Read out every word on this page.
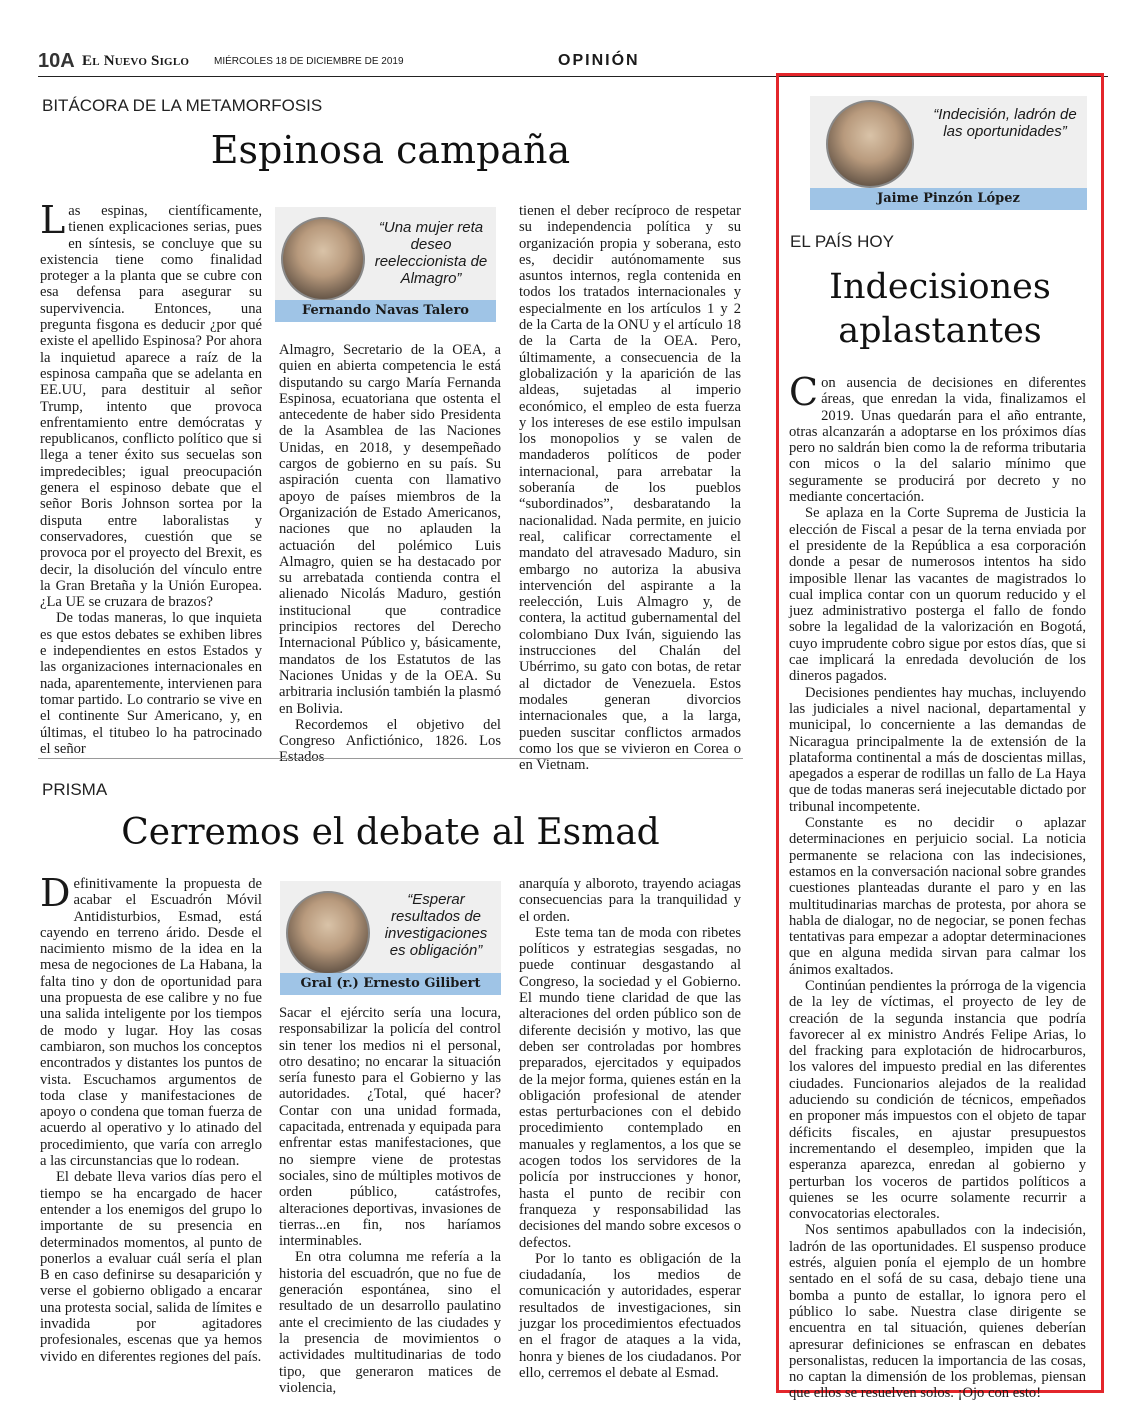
10A El Nuevo Siglo MIÉRCOLES 18 DE DICIEMBRE DE 2019	OPINIÓN
BITÁCORA DE LA METAMORFOSIS
Espinosa campaña

Las espinas, científicamente, tienen explicaciones serias, pues en síntesis, se concluye que su existencia tiene como finalidad proteger a la planta que se cubre con esa defensa para asegurar su supervivencia. Entonces, una pregunta fisgona es deducir ¿por qué existe el apellido Espinosa? Por ahora la inquietud aparece a raíz de la espinosa campaña que se adelanta en EE.UU, para destituir al señor Trump, intento que provoca enfrentamiento entre demócratas y republicanos, conflicto político que si llega a tener éxito sus secuelas son impredecibles; igual preocupación genera el espinoso debate que el señor Boris Johnson sortea por la disputa entre laboralistas y conservadores, cuestión que se provoca por el proyecto del Brexit, es decir, la disolución del vínculo entre la Gran Bretaña y la Unión Europea. ¿La UE se cruzara de brazos?

De todas maneras, lo que inquieta es que estos debates se exhiben libres e independientes en estos Estados y las organizaciones internacionales en nada, aparentemente, intervienen para tomar partido. Lo contrario se vive en el continente Sur Americano, y, en últimas, el titubeo lo ha patrocinado el señor

“Una mujer reta deseo reeleccionista de Almagro”
Fernando Navas Talero

Almagro, Secretario de la OEA, a quien en abierta competencia le está disputando su cargo María Fernanda Espinosa, ecuatoriana que ostenta el antecedente de haber sido Presidenta de la Asamblea de las Naciones Unidas, en 2018, y desempeñado cargos de gobierno en su país. Su aspiración cuenta con llamativo apoyo de países miembros de la Organización de Estado Americanos, naciones que no aplauden la actuación del polémico Luis Almagro, quien se ha destacado por su arrebatada contienda contra el alienado Nicolás Maduro, gestión institucional que contradice principios rectores del Derecho Internacional Público y, básicamente, mandatos de los Estatutos de las Naciones Unidas y de la OEA. Su arbitraria inclusión también la plasmó en Bolivia.

Recordemos el objetivo del Congreso Anfictiónico, 1826. Los Estados

tienen el deber recíproco de respetar su independencia política y su organización propia y soberana, esto es, decidir autónomamente sus asuntos internos, regla contenida en todos los tratados internacionales y especialmente en los artículos 1 y 2 de la Carta de la ONU y el artículo 18 de la Carta de la OEA. Pero, últimamente, a consecuencia de la globalización y la aparición de las aldeas, sujetadas al imperio económico, el empleo de esta fuerza y los intereses de ese estilo impulsan los monopolios y se valen de mandaderos políticos de poder internacional, para arrebatar la soberanía de los pueblos “subordinados”, desbaratando la nacionalidad. Nada permite, en juicio real, calificar correctamente el mandato del atravesado Maduro, sin embargo no autoriza la abusiva intervención del aspirante a la reelección, Luis Almagro y, de contera, la actitud gubernamental del colombiano Dux Iván, siguiendo las instrucciones del Chalán del Ubérrimo, su gato con botas, de retar al dictador de Venezuela. Estos modales generan divorcios internacionales que, a la larga, pueden suscitar conflictos armados como los que se vivieron en Corea o en Vietnam.

PRISMA
Cerremos el debate al Esmad

Definitivamente la propuesta de acabar el Escuadrón Móvil Antidisturbios, Esmad, está cayendo en terreno árido. Desde el nacimiento mismo de la idea en la mesa de negociones de La Habana, la falta tino y don de oportunidad para una propuesta de ese calibre y no fue una salida inteligente por los tiempos de modo y lugar. Hoy las cosas cambiaron, son muchos los conceptos encontrados y distantes los puntos de vista. Escuchamos argumentos de toda clase y manifestaciones de apoyo o condena que toman fuerza de acuerdo al operativo y lo atinado del procedimiento, que varía con arreglo a las circunstancias que lo rodean.

El debate lleva varios días pero el tiempo se ha encargado de hacer entender a los enemigos del grupo lo importante de su presencia en determinados momentos, al punto de ponerlos a evaluar cuál sería el plan B en caso definirse su desaparición y verse el gobierno obligado a encarar una protesta social, salida de límites e invadida por agitadores profesionales, escenas que ya hemos vivido en diferentes regiones del país.

“Esperar resultados de investigaciones es obligación”
Gral (r.) Ernesto Gilibert

Sacar el ejército sería una locura, responsabilizar la policía del control sin tener los medios ni el personal, otro desatino; no encarar la situación sería funesto para el Gobierno y las autoridades. ¿Total, qué hacer? Contar con una unidad formada, capacitada, entrenada y equipada para enfrentar estas manifestaciones, que no siempre viene de protestas sociales, sino de múltiples motivos de orden público, catástrofes, alteraciones deportivas, invasiones de tierras...en fin, nos haríamos interminables.

En otra columna me refería a la historia del escuadrón, que no fue de generación espontánea, sino el resultado de un desarrollo paulatino ante el crecimiento de las ciudades y la presencia de movimientos o actividades multitudinarias de todo tipo, que generaron matices de violencia,

anarquía y alboroto, trayendo aciagas consecuencias para la tranquilidad y el orden.

Este tema tan de moda con ribetes políticos y estrategias sesgadas, no puede continuar desgastando al Congreso, la sociedad y el Gobierno. El mundo tiene claridad de que las alteraciones del orden público son de diferente decisión y motivo, las que deben ser controladas por hombres preparados, ejercitados y equipados de la mejor forma, quienes están en la obligación profesional de atender estas perturbaciones con el debido procedimiento contemplado en manuales y reglamentos, a los que se acogen todos los servidores de la policía por instrucciones y honor, hasta el punto de recibir con franqueza y responsabilidad las decisiones del mando sobre excesos o defectos.

Por lo tanto es obligación de la ciudadanía, los medios de comunicación y autoridades, esperar resultados de investigaciones, sin juzgar los procedimientos efectuados en el fragor de ataques a la vida, honra y bienes de los ciudadanos. Por ello, cerremos el debate al Esmad.

“Indecisión, ladrón de las oportunidades”
Jaime Pinzón López
EL PAÍS HOY
Indecisiones aplastantes

Con ausencia de decisiones en diferentes áreas, que enredan la vida, finalizamos el 2019. Unas quedarán para el año entrante, otras alcanzarán a adoptarse en los próximos días pero no saldrán bien como la de reforma tributaria con micos o la del salario mínimo que seguramente se producirá por decreto y no mediante concertación.

Se aplaza en la Corte Suprema de Justicia la elección de Fiscal a pesar de la terna enviada por el presidente de la República a esa corporación donde a pesar de numerosos intentos ha sido imposible llenar las vacantes de magistrados lo cual implica contar con un quorum reducido y el juez administrativo posterga el fallo de fondo sobre la legalidad de la valorización en Bogotá, cuyo imprudente cobro sigue por estos días, que si cae implicará la enredada devolución de los dineros pagados.

Decisiones pendientes hay muchas, incluyendo las judiciales a nivel nacional, departamental y municipal, lo concerniente a las demandas de Nicaragua principalmente la de extensión de la plataforma continental a más de doscientas millas, apegados a esperar de rodillas un fallo de La Haya que de todas maneras será inejecutable dictado por tribunal incompetente.

Constante es no decidir o aplazar determinaciones en perjuicio social. La noticia permanente se relaciona con las indecisiones, estamos en la conversación nacional sobre grandes cuestiones planteadas durante el paro y en las multitudinarias marchas de protesta, por ahora se habla de dialogar, no de negociar, se ponen fechas tentativas para empezar a adoptar determinaciones que en alguna medida sirvan para calmar los ánimos exaltados.

Continúan pendientes la prórroga de la vigencia de la ley de víctimas, el proyecto de ley de creación de la segunda instancia que podría favorecer al ex ministro Andrés Felipe Arias, lo del fracking para explotación de hidrocarburos, los valores del impuesto predial en las diferentes ciudades. Funcionarios alejados de la realidad aduciendo su condición de técnicos, empeñados en proponer más impuestos con el objeto de tapar déficits fiscales, en ajustar presupuestos incrementando el desempleo, impiden que la esperanza aparezca, enredan al gobierno y perturban los voceros de partidos políticos a quienes se les ocurre solamente recurrir a convocatorias electorales.

Nos sentimos apabullados con la indecisión, ladrón de las oportunidades. El suspenso produce estrés, alguien ponía el ejemplo de un hombre sentado en el sofá de su casa, debajo tiene una bomba a punto de estallar, lo ignora pero el público lo sabe. Nuestra clase dirigente se encuentra en tal situación, quienes deberían apresurar definiciones se enfrascan en debates personalistas, reducen la importancia de las cosas, no captan la dimensión de los problemas, piensan que ellos se resuelven solos. ¡Ojo con esto!
